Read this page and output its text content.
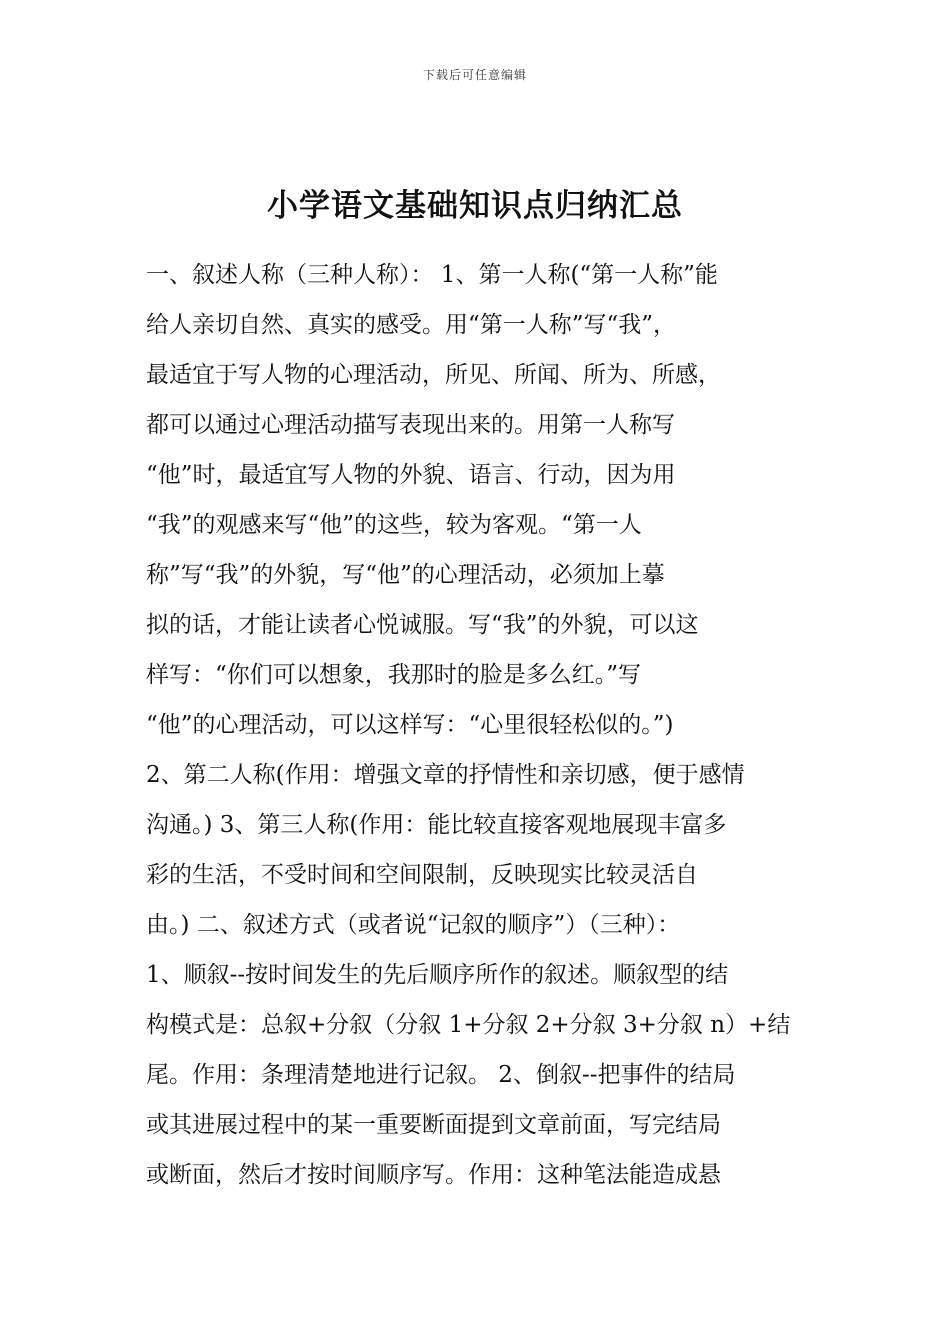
下载后可任意编辑
小学语文基础知识点归纳汇总
一、叙述人称（三种人称）： 1、第一人称(“第一人称”能
给人亲切自然、真实的感受。用“第一人称”写“我”，
最适宜于写人物的心理活动，所见、所闻、所为、所感，
都可以通过心理活动描写表现出来的。用第一人称写
“他”时，最适宜写人物的外貌、语言、行动，因为用
“我”的观感来写“他”的这些，较为客观。“第一人
称”写“我”的外貌，写“他”的心理活动，必须加上摹
拟的话，才能让读者心悦诚服。写“我”的外貌，可以这
样写：“你们可以想象，我那时的脸是多么红。”写
“他”的心理活动，可以这样写：“心里很轻松似的。”)
2、第二人称(作用：增强文章的抒情性和亲切感，便于感情
沟通。) 3、第三人称(作用：能比较直接客观地展现丰富多
彩的生活，不受时间和空间限制，反映现实比较灵活自
由。) 二、叙述方式（或者说“记叙的顺序”）（三种）：
1、顺叙--按时间发生的先后顺序所作的叙述。顺叙型的结
构模式是：总叙+分叙（分叙 1+分叙 2+分叙 3+分叙 n）+结
尾。作用：条理清楚地进行记叙。 2、倒叙--把事件的结局
或其进展过程中的某一重要断面提到文章前面，写完结局
或断面，然后才按时间顺序写。作用：这种笔法能造成悬
